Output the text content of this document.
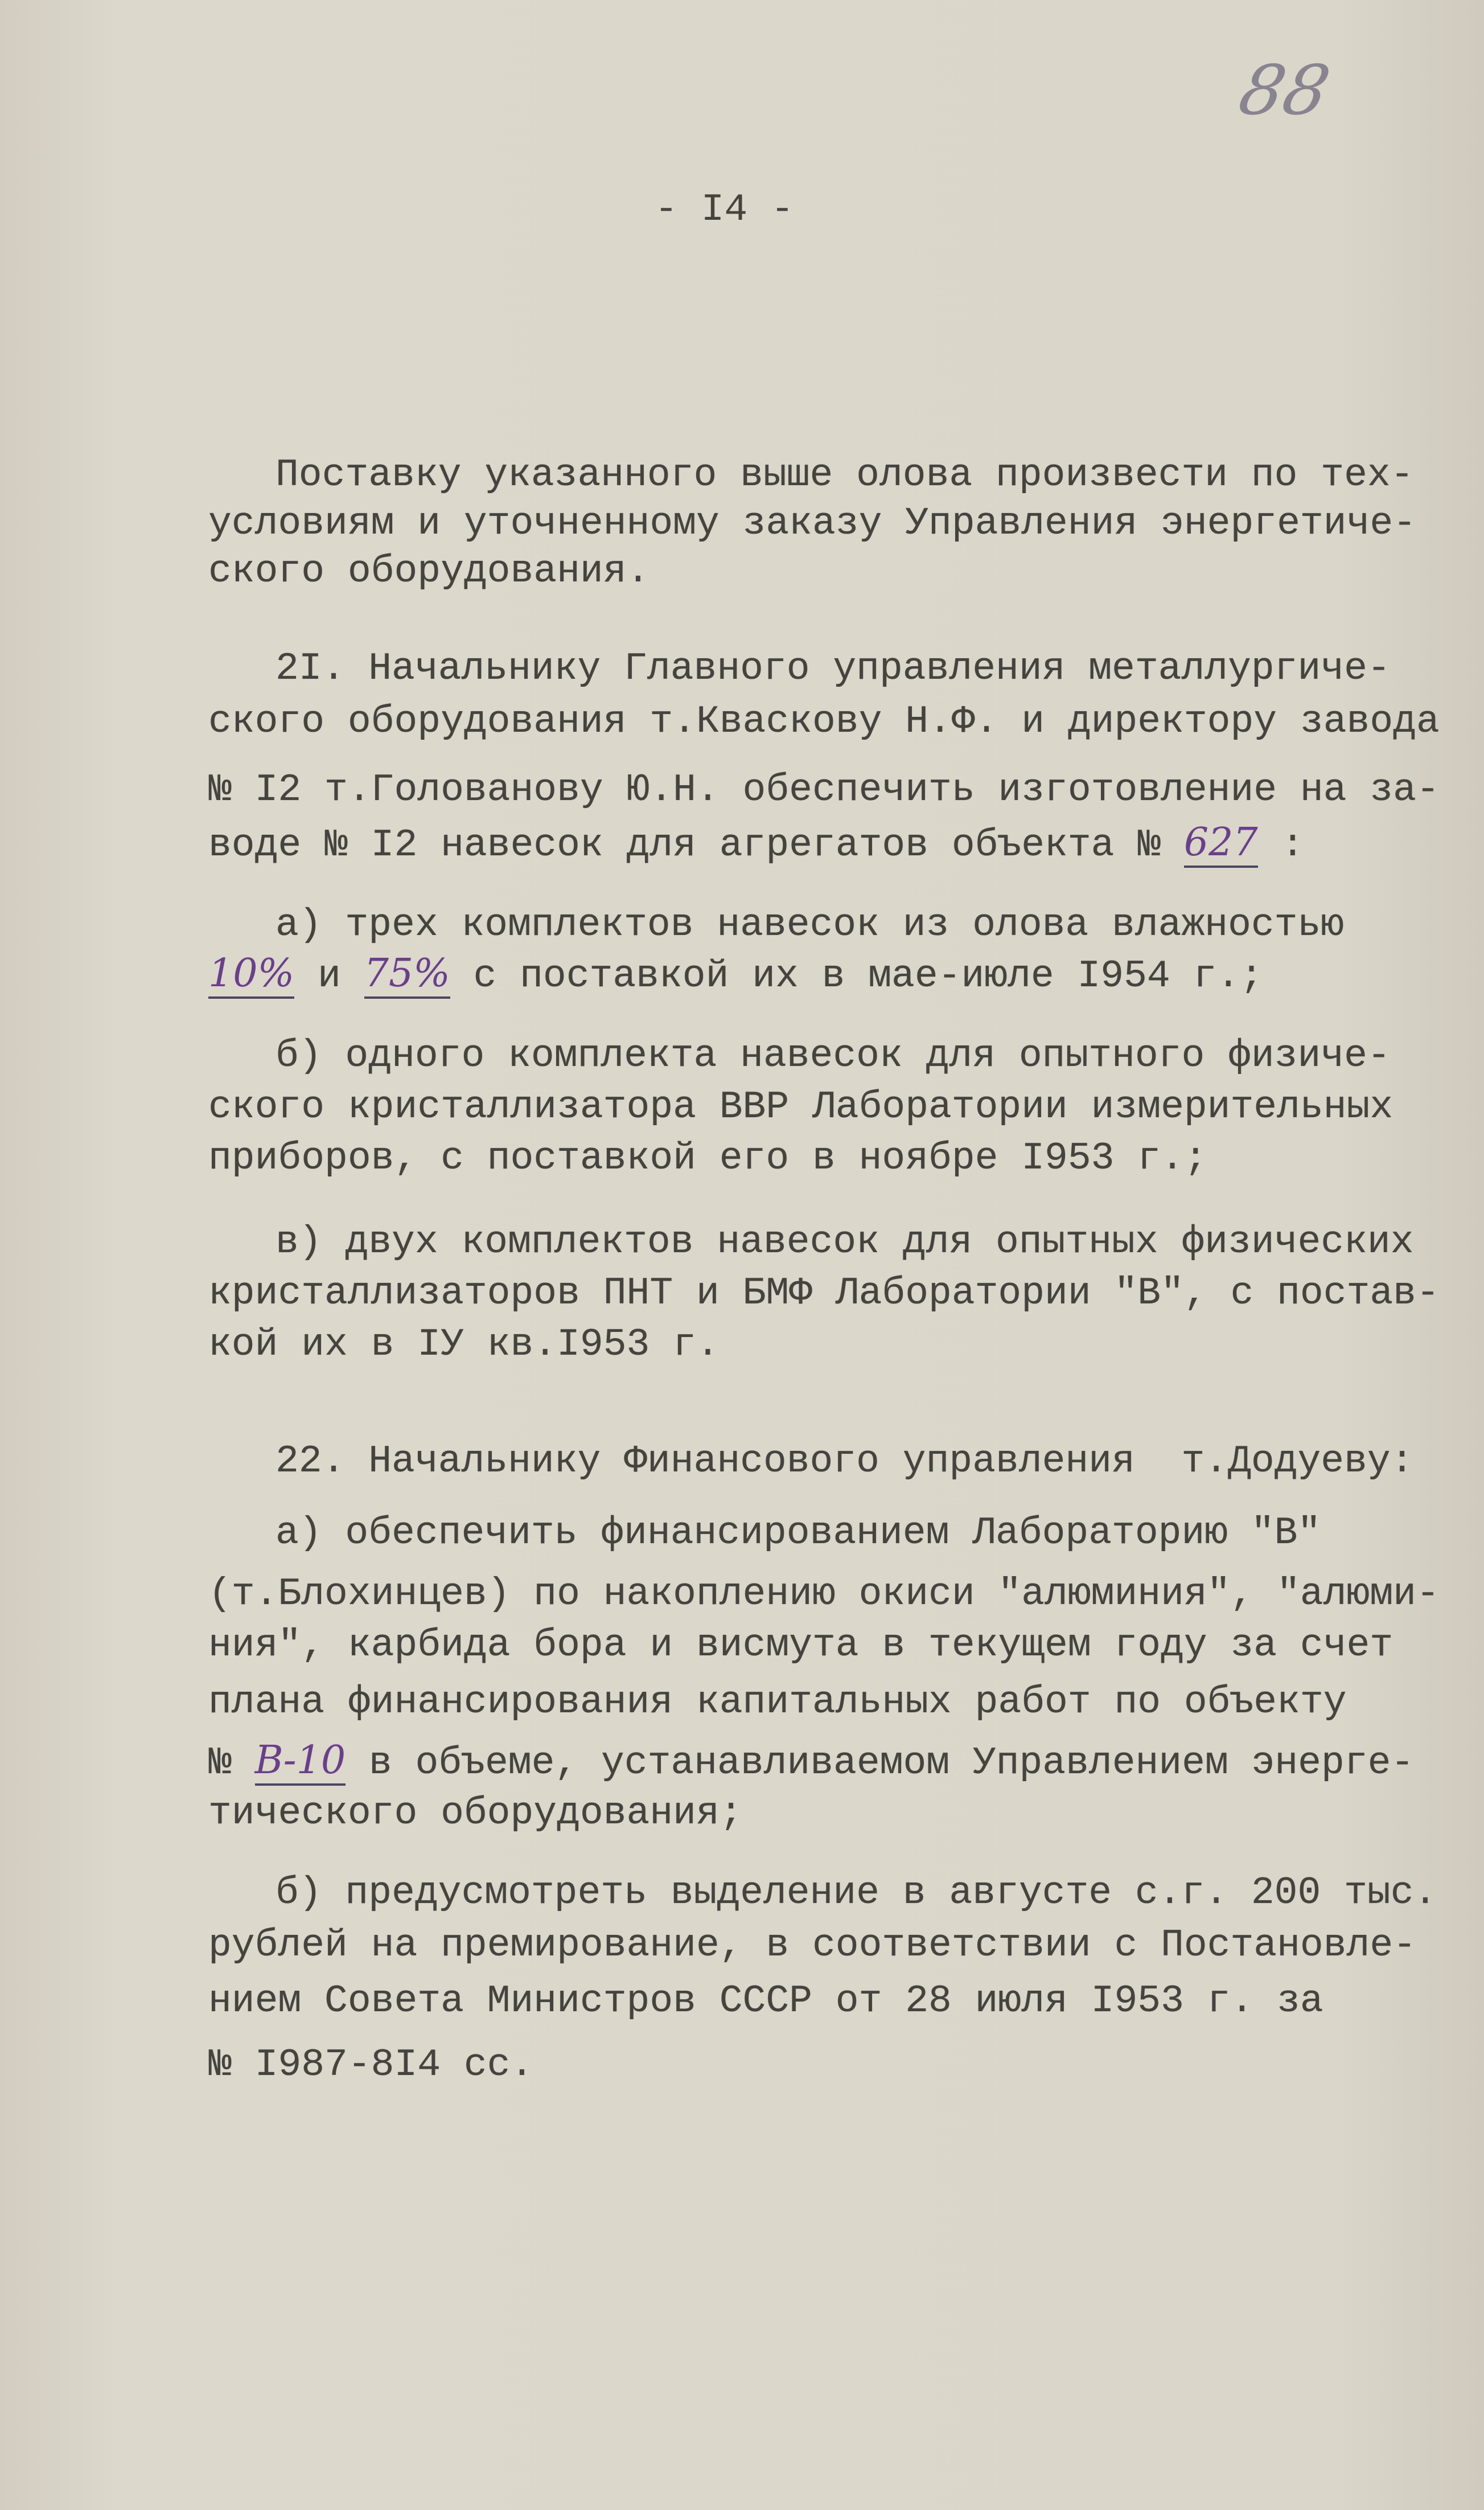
88
- I4 -
Поставку указанного выше олова произвести по тех-
условиям и уточненному заказу Управления энергетиче-
ского оборудования.
2I. Начальнику Главного управления металлургиче-
ского оборудования т.Кваскову Н.Ф. и директору завода
№ I2 т.Голованову Ю.Н. обеспечить изготовление на за-
воде № I2 навесок для агрегатов объекта № 627 :
а) трех комплектов навесок из олова влажностью
10% и 75% с поставкой их в мае-июле I954 г.;
б) одного комплекта навесок для опытного физиче-
ского кристаллизатора ВВР Лаборатории измерительных
приборов, с поставкой его в ноябре I953 г.;
в) двух комплектов навесок для опытных физических
кристаллизаторов ПНТ и БМФ Лаборатории "В", с постав-
кой их в IУ кв.I953 г.
22. Начальнику Финансового управления  т.Додуеву:
а) обеспечить финансированием Лабораторию "В"
(т.Блохинцев) по накоплению окиси "алюминия", "алюми-
ния", карбида бора и висмута в текущем году за счет
плана финансирования капитальных работ по объекту
№ В-10 в объеме, устанавливаемом Управлением энерге-
тического оборудования;
б) предусмотреть выделение в августе с.г. 200 тыс.
рублей на премирование, в соответствии с Постановле-
нием Совета Министров СССР от 28 июля I953 г. за
№ I987-8I4 сс.
